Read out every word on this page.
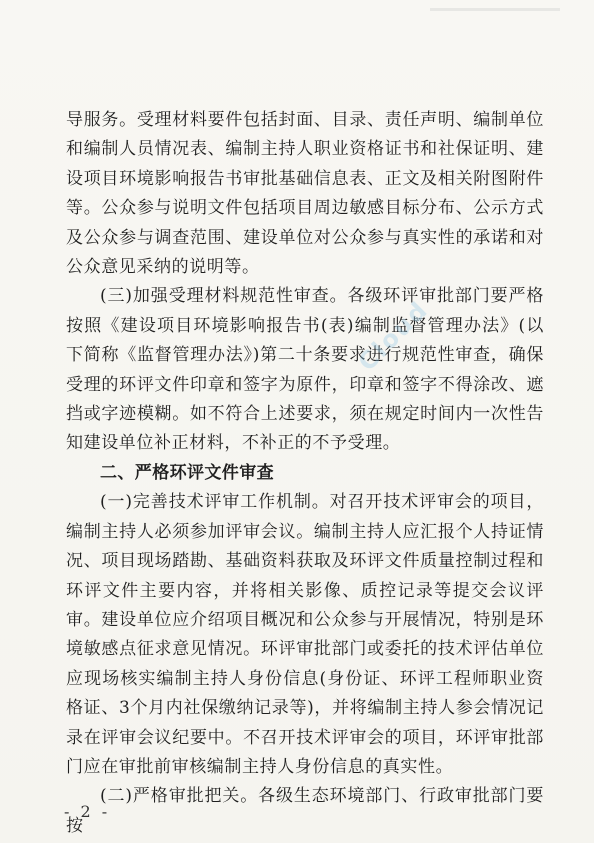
导服务。受理材料要件包括封面、目录、责任声明、编制单位和编制人员情况表、编制主持人职业资格证书和社保证明、建设项目环境影响报告书审批基础信息表、正文及相关附图附件等。公众参与说明文件包括项目周边敏感目标分布、公示方式及公众参与调查范围、建设单位对公众参与真实性的承诺和对公众意见采纳的说明等。

(三)加强受理材料规范性审查。各级环评审批部门要严格按照《建设项目环境影响报告书(表)编制监督管理办法》(以下简称《监督管理办法》)第二十条要求进行规范性审查，确保受理的环评文件印章和签字为原件，印章和签字不得涂改、遮挡或字迹模糊。如不符合上述要求，须在规定时间内一次性告知建设单位补正材料，不补正的不予受理。

二、严格环评文件审查

(一)完善技术评审工作机制。对召开技术评审会的项目，编制主持人必须参加评审会议。编制主持人应汇报个人持证情况、项目现场踏勘、基础资料获取及环评文件质量控制过程和环评文件主要内容，并将相关影像、质控记录等提交会议评审。建设单位应介绍项目概况和公众参与开展情况，特别是环境敏感点征求意见情况。环评审批部门或委托的技术评估单位应现场核实编制主持人身份信息(身份证、环评工程师职业资格证、3个月内社保缴纳记录等)，并将编制主持人参会情况记录在评审会议纪要中。不召开技术评审会的项目，环评审批部门应在审批前审核编制主持人身份信息的真实性。

(二)严格审批把关。各级生态环境部门、行政审批部门要按

Cloud
- 2 -
